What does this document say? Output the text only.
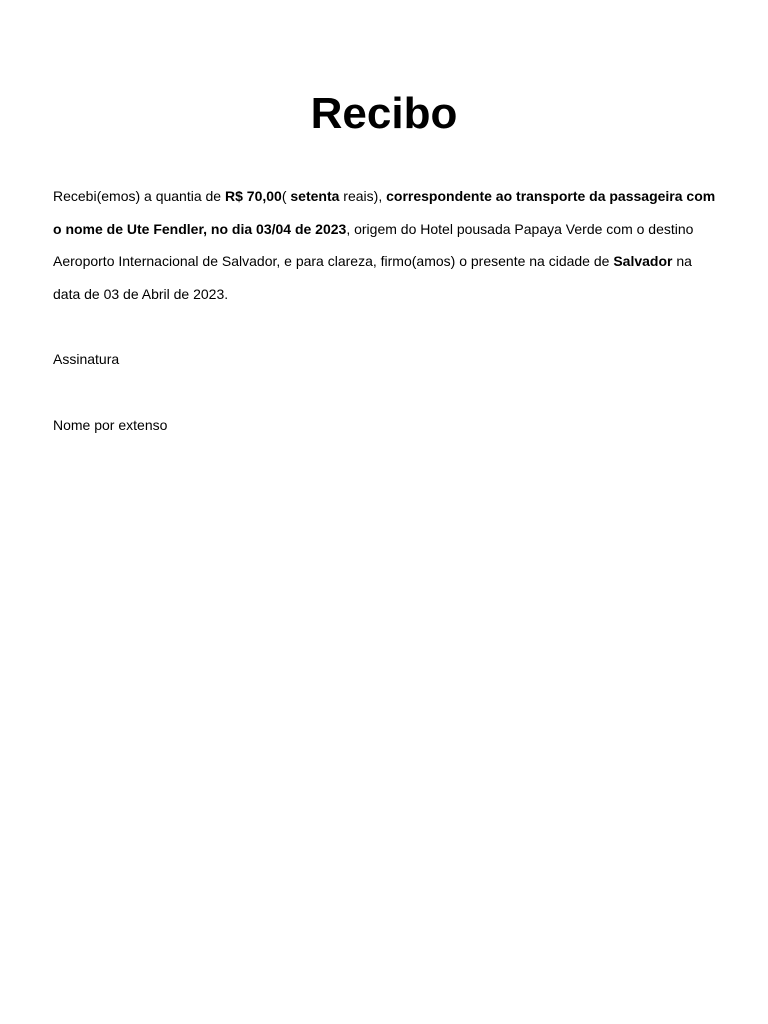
Recibo

Recebi(emos) a quantia de R$ 70,00( setenta reais), correspondente ao transporte da passageira com o nome de Ute Fendler, no dia 03/04 de 2023, origem do Hotel pousada Papaya Verde com o destino Aeroporto Internacional de Salvador, e para clareza, firmo(amos) o presente na cidade de Salvador na data de 03 de Abril de 2023.

Assinatura

Nome por extenso
